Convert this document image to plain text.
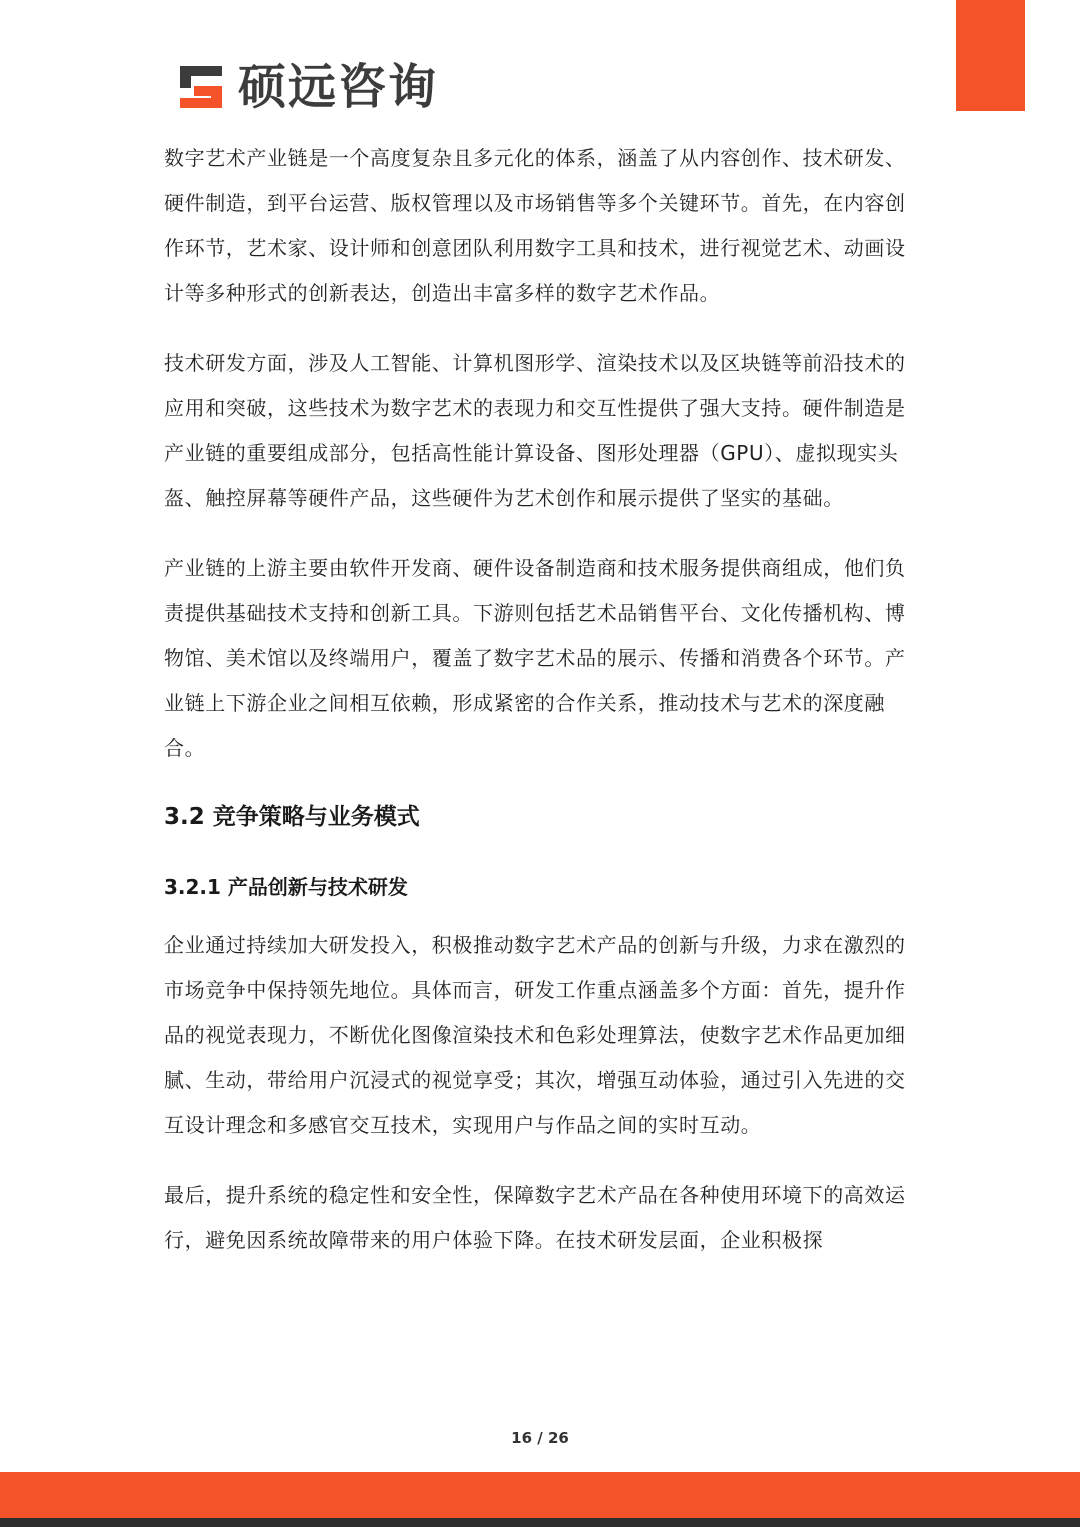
硕远咨询

数字艺术产业链是一个高度复杂且多元化的体系，涵盖了从内容创作、技术研发、硬件制造，到平台运营、版权管理以及市场销售等多个关键环节。首先，在内容创作环节，艺术家、设计师和创意团队利用数字工具和技术，进行视觉艺术、动画设计等多种形式的创新表达，创造出丰富多样的数字艺术作品。

技术研发方面，涉及人工智能、计算机图形学、渲染技术以及区块链等前沿技术的应用和突破，这些技术为数字艺术的表现力和交互性提供了强大支持。硬件制造是产业链的重要组成部分，包括高性能计算设备、图形处理器（GPU）、虚拟现实头盔、触控屏幕等硬件产品，这些硬件为艺术创作和展示提供了坚实的基础。

产业链的上游主要由软件开发商、硬件设备制造商和技术服务提供商组成，他们负责提供基础技术支持和创新工具。下游则包括艺术品销售平台、文化传播机构、博物馆、美术馆以及终端用户，覆盖了数字艺术品的展示、传播和消费各个环节。产业链上下游企业之间相互依赖，形成紧密的合作关系，推动技术与艺术的深度融合。

3.2 竞争策略与业务模式
3.2.1 产品创新与技术研发

企业通过持续加大研发投入，积极推动数字艺术产品的创新与升级，力求在激烈的市场竞争中保持领先地位。具体而言，研发工作重点涵盖多个方面：首先，提升作品的视觉表现力，不断优化图像渲染技术和色彩处理算法，使数字艺术作品更加细腻、生动，带给用户沉浸式的视觉享受；其次，增强互动体验，通过引入先进的交互设计理念和多感官交互技术，实现用户与作品之间的实时互动。

最后，提升系统的稳定性和安全性，保障数字艺术产品在各种使用环境下的高效运行，避免因系统故障带来的用户体验下降。在技术研发层面，企业积极探

16 / 26
